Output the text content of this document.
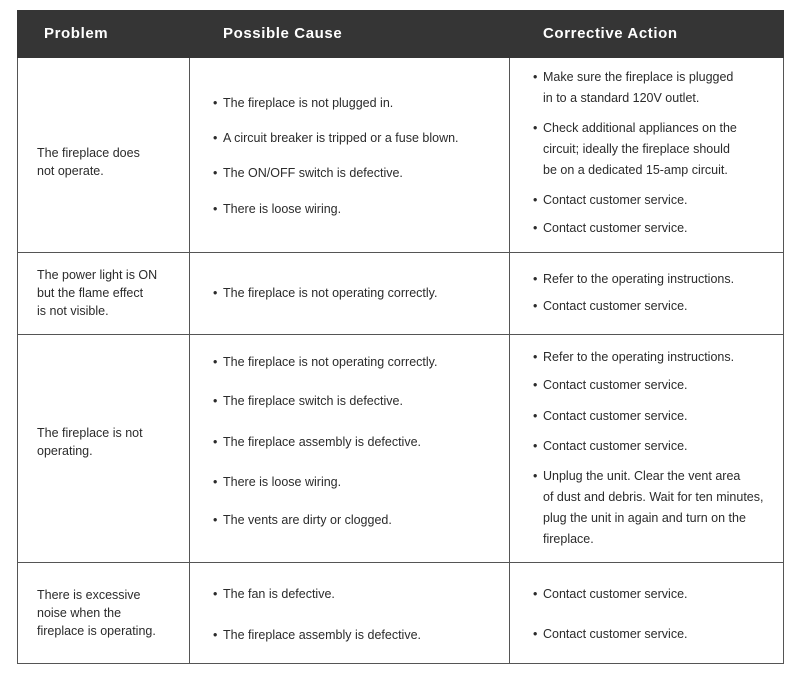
Problem	Possible Cause	Corrective Action
The fireplace does
not operate.
• The fireplace is not plugged in.
• A circuit breaker is tripped or a fuse blown.
• The ON/OFF switch is defective.
• There is loose wiring.
• Make sure the fireplace is plugged
in to a standard 120V outlet.
• Check additional appliances on the
circuit; ideally the fireplace should
be on a dedicated 15-amp circuit.
• Contact customer service.
• Contact customer service.
The power light is ON
but the flame effect
is not visible.
• The fireplace is not operating correctly.
• Refer to the operating instructions.
• Contact customer service.
The fireplace is not
operating.
• The fireplace is not operating correctly.
• The fireplace switch is defective.
• The fireplace assembly is defective.
• There is loose wiring.
• The vents are dirty or clogged.
• Refer to the operating instructions.
• Contact customer service.
• Contact customer service.
• Contact customer service.
• Unplug the unit. Clear the vent area
of dust and debris. Wait for ten minutes,
plug the unit in again and turn on the
fireplace.
There is excessive
noise when the
fireplace is operating.
• The fan is defective.
• The fireplace assembly is defective.
• Contact customer service.
• Contact customer service.
